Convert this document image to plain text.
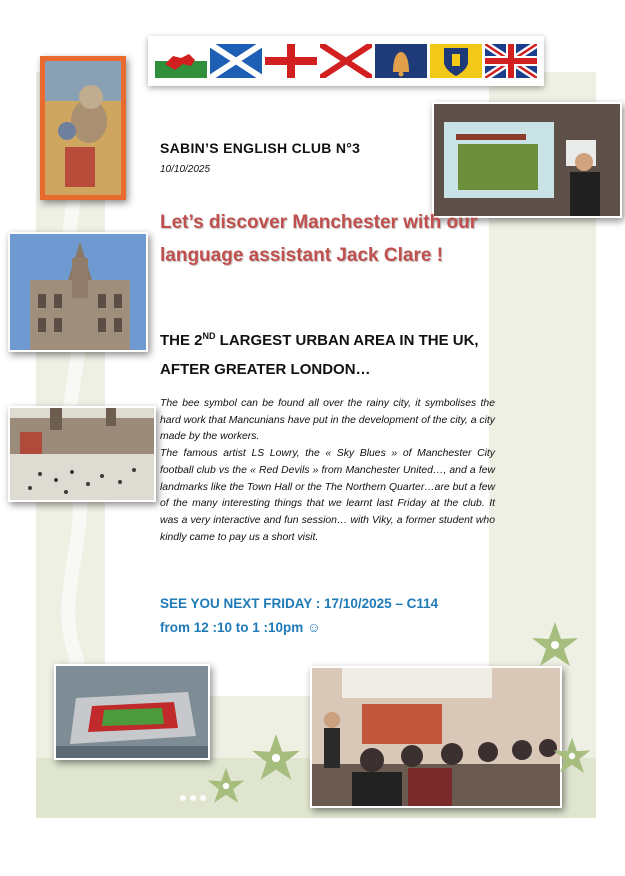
SABIN’S ENGLISH CLUB N°3
10/10/2025
Let’s discover Manchester with our language assistant Jack Clare !
THE 2ND LARGEST URBAN AREA IN THE UK, AFTER GREATER LONDON…
The bee symbol can be found all over the rainy city, it symbolises the hard work that Mancunians have put in the development of the city, a city made by the workers.
The famous artist LS Lowry, the « Sky Blues » of Manchester City football club vs the « Red Devils » from Manchester United…, and a few landmarks like the Town Hall or the The Northern Quarter…are but a few of the many interesting things that we learnt last Friday at the club. It was a very interactive and fun session… with Viky, a former student who kindly came to pay us a short visit.
SEE YOU NEXT FRIDAY : 17/10/2025 – C114
from 12 :10 to 1 :10pm ☺
